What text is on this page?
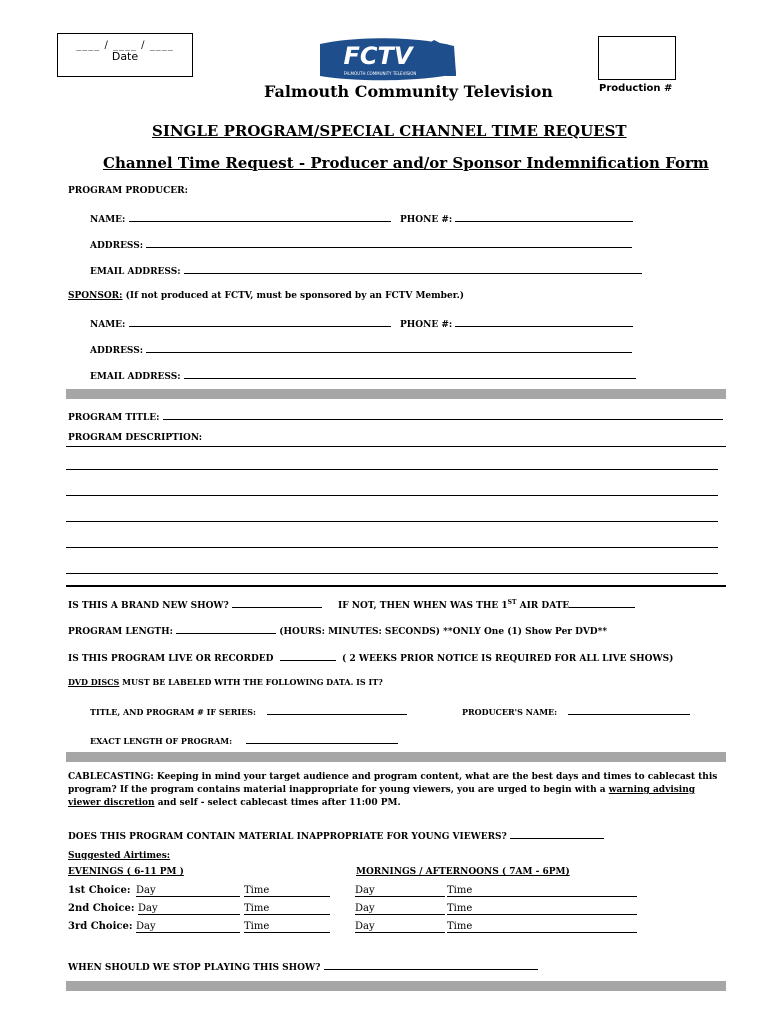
____ / ____ / ____
Date	FCTV
FALMOUTH COMMUNITY TELEVISION
Falmouth Community Television	Production #
SINGLE PROGRAM/SPECIAL CHANNEL TIME REQUEST
Channel Time Request - Producer and/or Sponsor Indemnification Form
PROGRAM PRODUCER:
NAME:	PHONE #:
ADDRESS:
EMAIL ADDRESS:
SPONSOR: (If not produced at FCTV, must be sponsored by an FCTV Member.)
NAME:	PHONE #:
ADDRESS:
EMAIL ADDRESS:
PROGRAM TITLE:
PROGRAM DESCRIPTION:
IS THIS A BRAND NEW SHOW?	IF NOT, THEN WHEN WAS THE 1ST AIR DATE
PROGRAM LENGTH:	(HOURS: MINUTES: SECONDS) **ONLY One (1) Show Per DVD**
IS THIS PROGRAM LIVE OR RECORDED	( 2 WEEKS PRIOR NOTICE IS REQUIRED FOR ALL LIVE SHOWS)
DVD DISCS MUST BE LABELED WITH THE FOLLOWING DATA. IS IT?
TITLE, AND PROGRAM # IF SERIES:	PRODUCER'S NAME:
EXACT LENGTH OF PROGRAM:
CABLECASTING: Keeping in mind your target audience and program content, what are the best days and times to cablecast this
program? If the program contains material inappropriate for young viewers, you are urged to begin with a warning advising
viewer discretion and self - select cablecast times after 11:00 PM.
DOES THIS PROGRAM CONTAIN MATERIAL INAPPROPRIATE FOR YOUNG VIEWERS?
Suggested Airtimes:
EVENINGS ( 6-11 PM )	MORNINGS / AFTERNOONS ( 7AM - 6PM)
1st Choice: Day	Time	Day	Time
2nd Choice: Day	Time	Day	Time
3rd Choice: Day	Time	Day	Time
WHEN SHOULD WE STOP PLAYING THIS SHOW?
